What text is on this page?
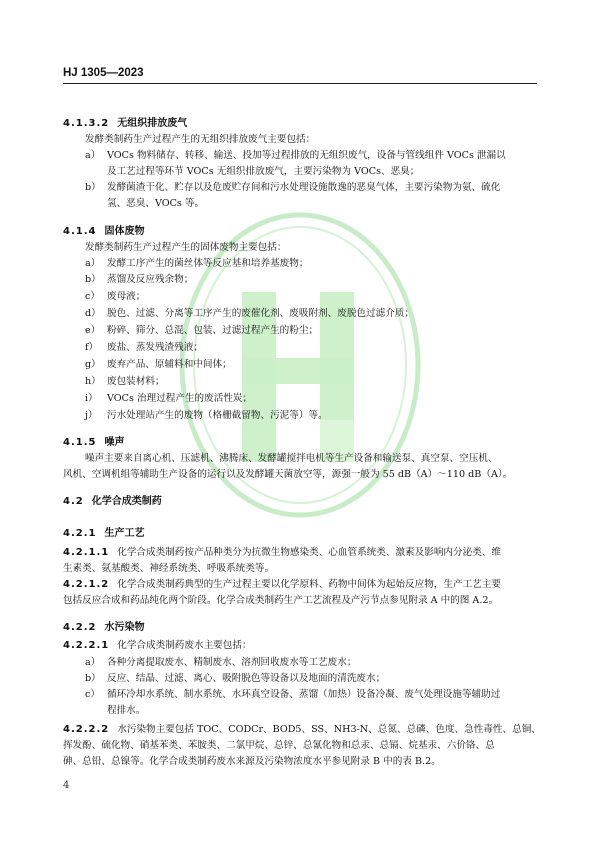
HJ 1305—2023
4.1.3.2 无组织排放废气
发酵类制药生产过程产生的无组织排放废气主要包括：
a） VOCs 物料储存、转移、输送、投加等过程排放的无组织废气，设备与管线组件 VOCs 泄漏以
及工艺过程等环节 VOCs 无组织排放废气，主要污染物为 VOCs、恶臭；
b） 发酵菌渣干化、贮存以及危废贮存间和污水处理设施散逸的恶臭气体，主要污染物为氨、硫化
氢、恶臭、VOCs 等。
4.1.4 固体废物
发酵类制药生产过程产生的固体废物主要包括：
a） 发酵工序产生的菌丝体等反应基和培养基废物；
b） 蒸馏及反应残余物；
c） 废母液；
d） 脱色、过滤、分离等工序产生的废催化剂、废吸附剂、废脱色过滤介质；
e） 粉碎、筛分、总混、包装、过滤过程产生的粉尘；
f） 废盐、蒸发残渣残液；
g） 废弃产品、原辅料和中间体；
h） 废包装材料；
i） VOCs 治理过程产生的废活性炭；
j） 污水处理站产生的废物（格栅截留物、污泥等）等。
4.1.5 噪声
噪声主要来自离心机、压滤机、沸腾床、发酵罐搅拌电机等生产设备和输送泵、真空泵、空压机、
风机、空调机组等辅助生产设备的运行以及发酵罐天菌放空等，源强一般为 55 dB（A）～110 dB（A）。
4.2 化学合成类制药
4.2.1 生产工艺
4.2.1.1 化学合成类制药按产品种类分为抗微生物感染类、心血管系统类、激素及影响内分泌类、维
生素类、氨基酸类、神经系统类、呼吸系统类等。
4.2.1.2 化学合成类制药典型的生产过程主要以化学原料、药物中间体为起始反应物，生产工艺主要
包括反应合成和药品纯化两个阶段。化学合成类制药生产工艺流程及产污节点参见附录 A 中的图 A.2。
4.2.2 水污染物
4.2.2.1 化学合成类制药废水主要包括：
a） 各种分离提取废水、精制废水、溶剂回收废水等工艺废水；
b） 反应、结晶、过滤、离心、吸附脱色等设备以及地面的清洗废水；
c） 循环冷却水系统、制水系统、水环真空设备、蒸馏（加热）设备冷凝、废气处理设施等辅助过
程排水。
4.2.2.2 水污染物主要包括 TOC、CODCr、BOD5、SS、NH3-N、总氮、总磷、色度、急性毒性、总铜、
挥发酚、硫化物、硝基苯类、苯胺类、二氯甲烷、总锌、总氰化物和总汞、总镉、烷基汞、六价铬、总
砷、总铅、总镍等。化学合成类制药废水来源及污染物浓度水平参见附录 B 中的表 B.2。
4
